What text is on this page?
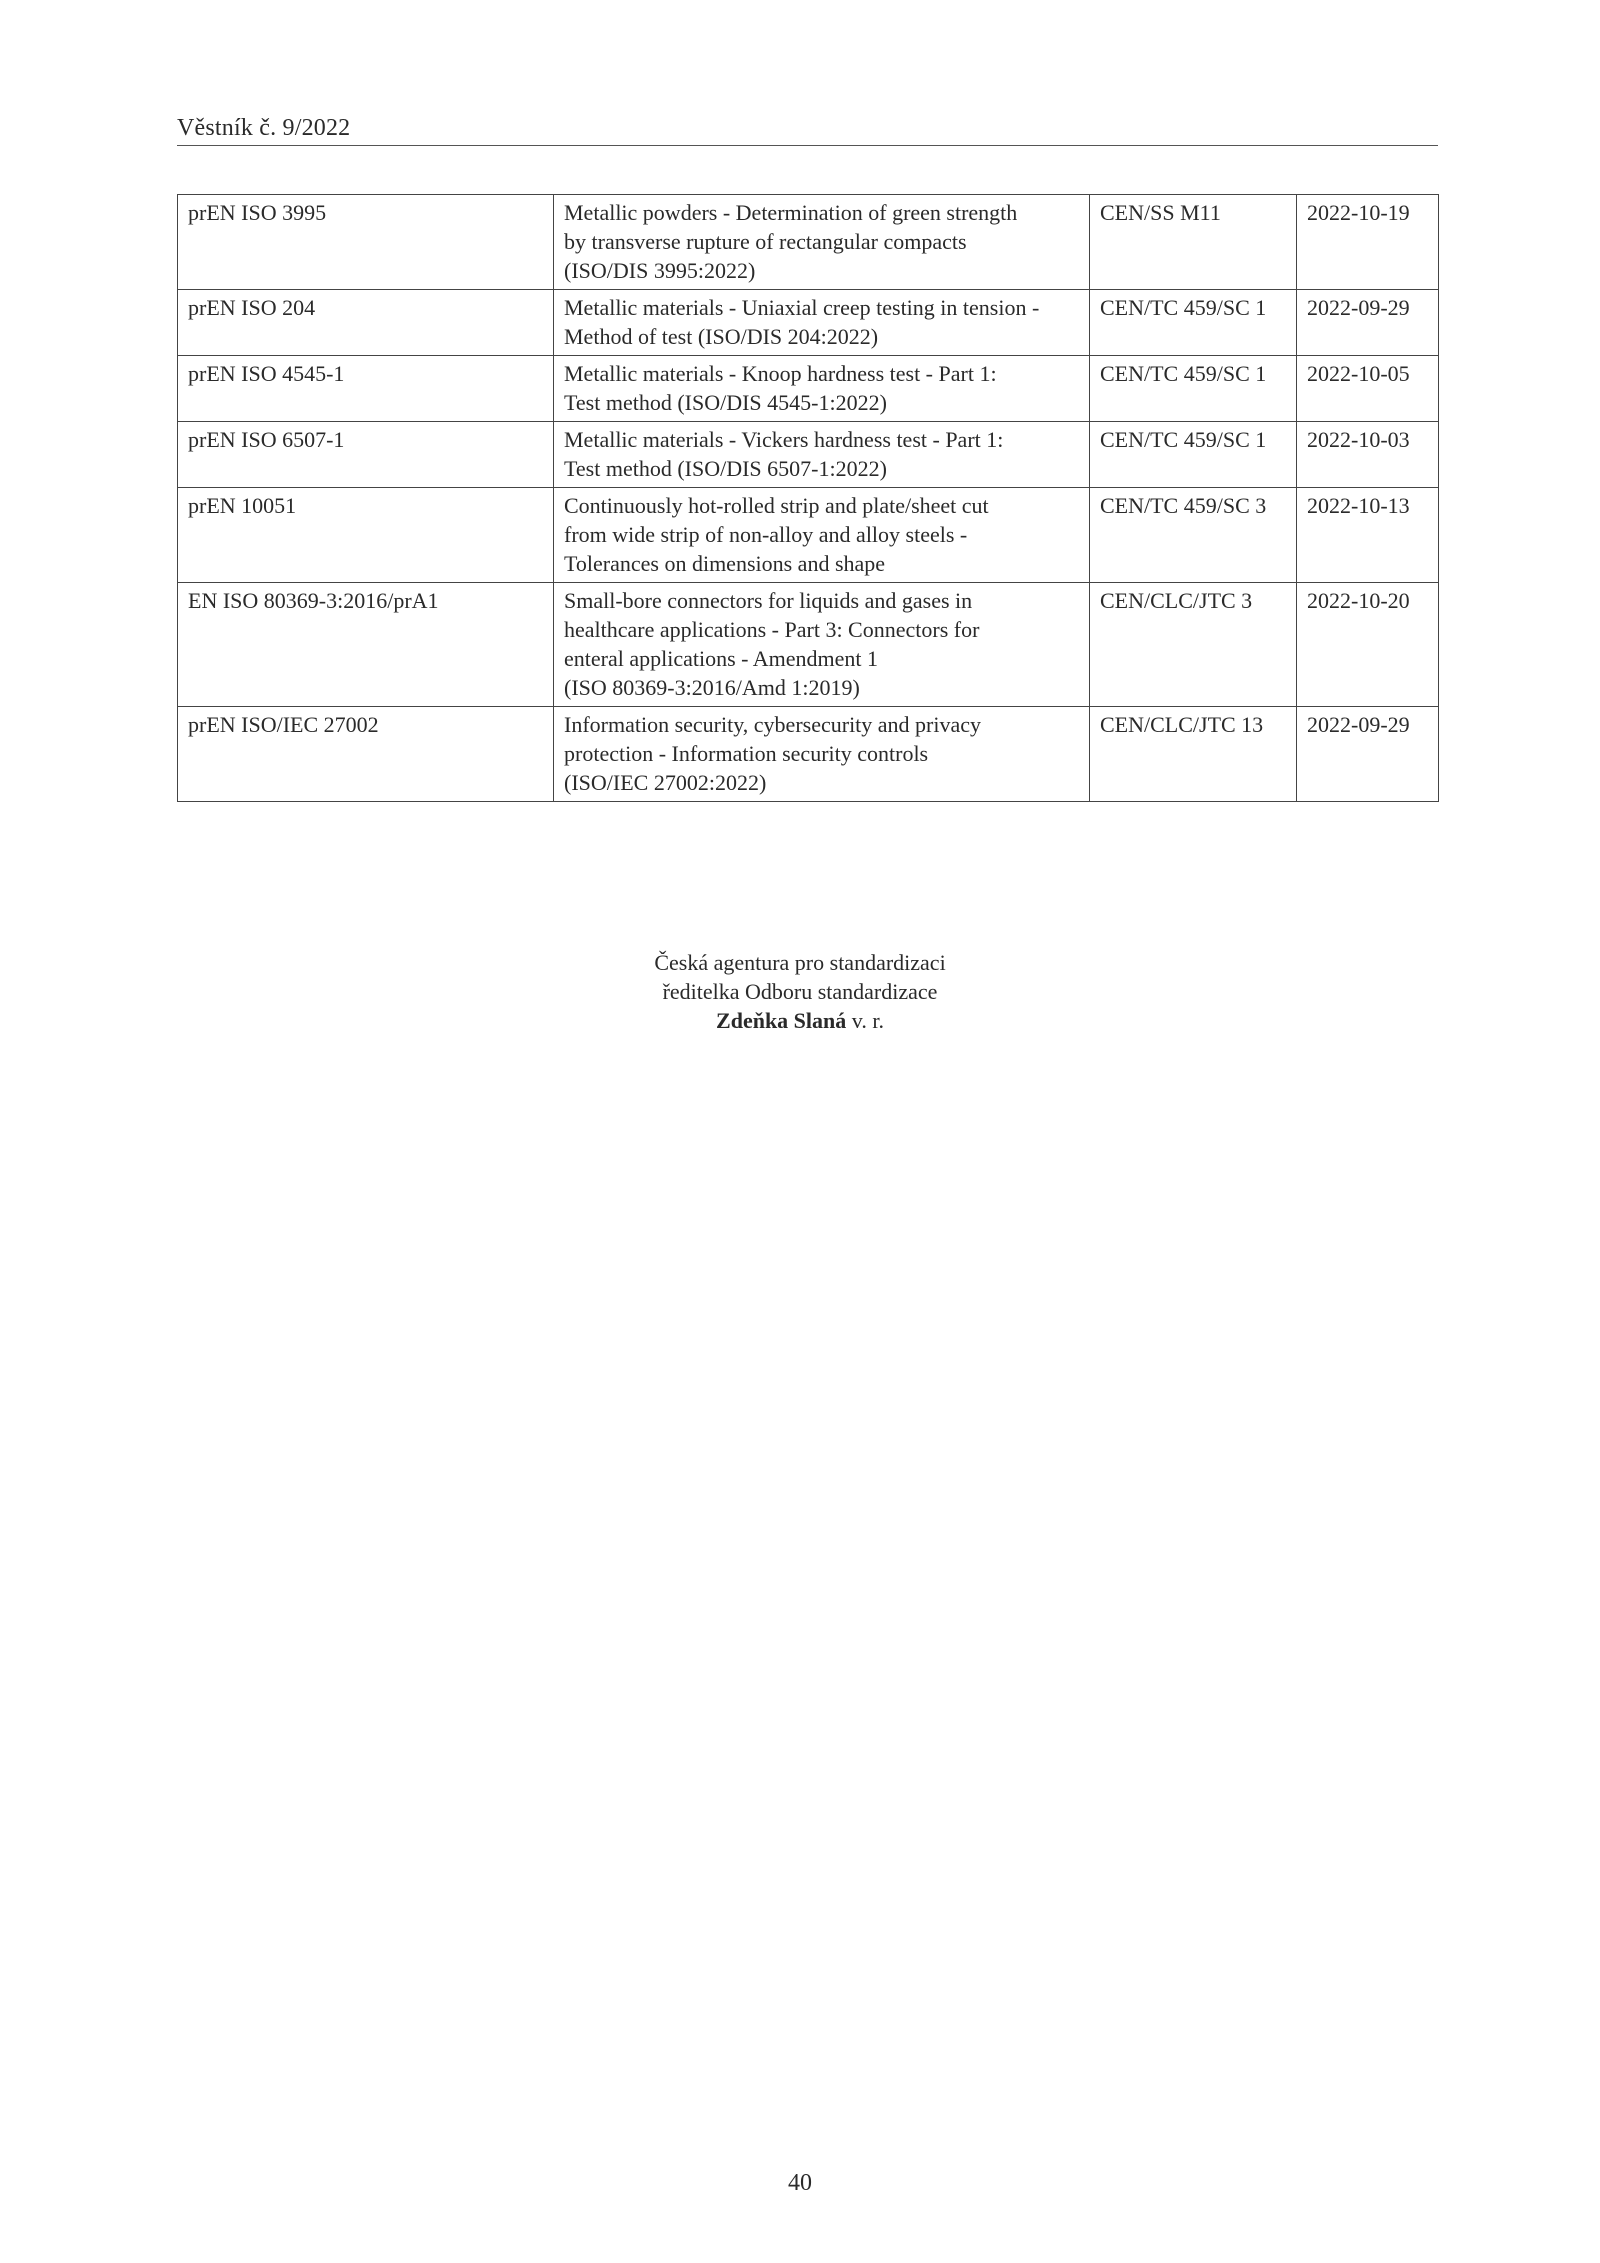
Věstník č. 9/2022
prEN ISO 3995	Metallic powders - Determination of green strength
by transverse rupture of rectangular compacts
(ISO/DIS 3995:2022)	CEN/SS M11	2022-10-19
prEN ISO 204	Metallic materials - Uniaxial creep testing in tension -
Method of test (ISO/DIS 204:2022)	CEN/TC 459/SC 1	2022-09-29
prEN ISO 4545-1	Metallic materials - Knoop hardness test - Part 1:
Test method (ISO/DIS 4545-1:2022)	CEN/TC 459/SC 1	2022-10-05
prEN ISO 6507-1	Metallic materials - Vickers hardness test - Part 1:
Test method (ISO/DIS 6507-1:2022)	CEN/TC 459/SC 1	2022-10-03
prEN 10051	Continuously hot-rolled strip and plate/sheet cut
from wide strip of non-alloy and alloy steels -
Tolerances on dimensions and shape	CEN/TC 459/SC 3	2022-10-13
EN ISO 80369-3:2016/prA1	Small-bore connectors for liquids and gases in
healthcare applications - Part 3: Connectors for
enteral applications - Amendment 1
(ISO 80369-3:2016/Amd 1:2019)	CEN/CLC/JTC 3	2022-10-20
prEN ISO/IEC 27002	Information security, cybersecurity and privacy
protection - Information security controls
(ISO/IEC 27002:2022)	CEN/CLC/JTC 13	2022-09-29
Česká agentura pro standardizaci
ředitelka Odboru standardizace
Zdeňka Slaná v. r.
40
